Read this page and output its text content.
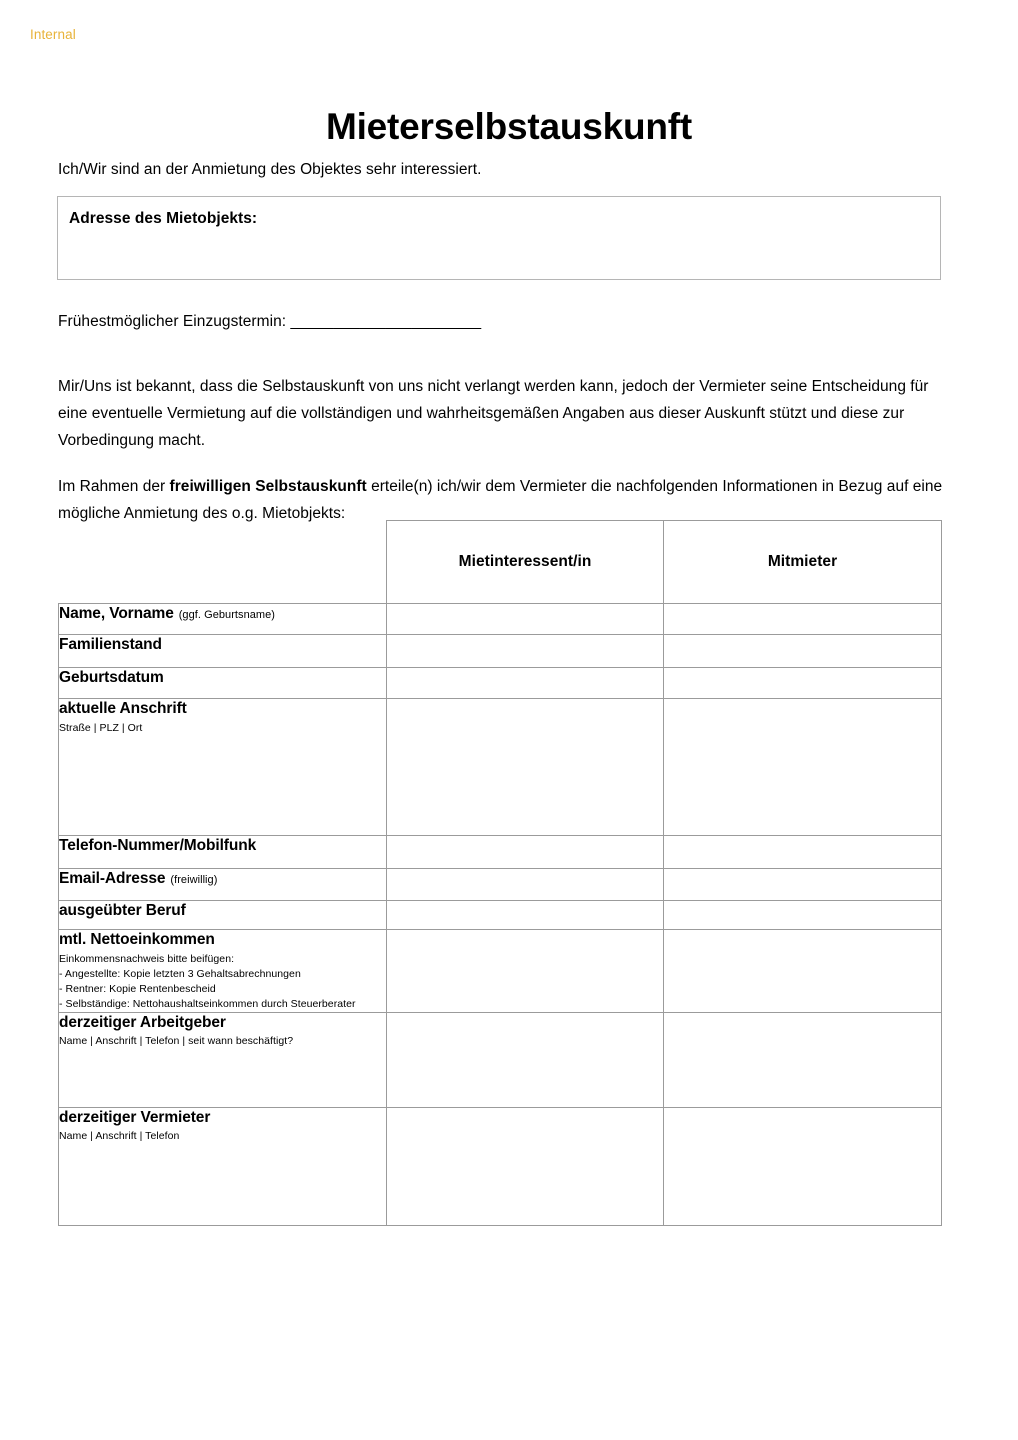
Internal
Mieterselbstauskunft
Ich/Wir sind an der Anmietung des Objektes sehr interessiert.
Adresse des Mietobjekts:
Frühestmöglicher Einzugstermin: ______________________

Mir/Uns ist bekannt, dass die Selbstauskunft von uns nicht verlangt werden kann, jedoch der Vermieter seine Entscheidung für eine eventuelle Vermietung auf die vollständigen und wahrheitsgemäßen Angaben aus dieser Auskunft stützt und diese zur Vorbedingung macht.

Im Rahmen der freiwilligen Selbstauskunft erteile(n) ich/wir dem Vermieter die nachfolgenden Informationen in Bezug auf eine mögliche Anmietung des o.g. Mietobjekts:

	Mietinteressent/in	Mitmieter
Name, Vorname (ggf. Geburtsname)		
Familienstand		
Geburtsdatum		

aktuelle Anschrift
Straße | PLZ | Ort		

Telefon-Nummer/Mobilfunk		
Email-Adresse (freiwillig)		
ausgeübter Beruf		

mtl. Nettoeinkommen
Einkommensnachweis bitte beifügen:
- Angestellte: Kopie letzten 3 Gehaltsabrechnungen
- Rentner: Kopie Rentenbescheid
- Selbständige: Nettohaushaltseinkommen durch Steuerberater		

derzeitiger Arbeitgeber
Name | Anschrift | Telefon | seit wann beschäftigt?		

derzeitiger Vermieter
Name | Anschrift | Telefon		
